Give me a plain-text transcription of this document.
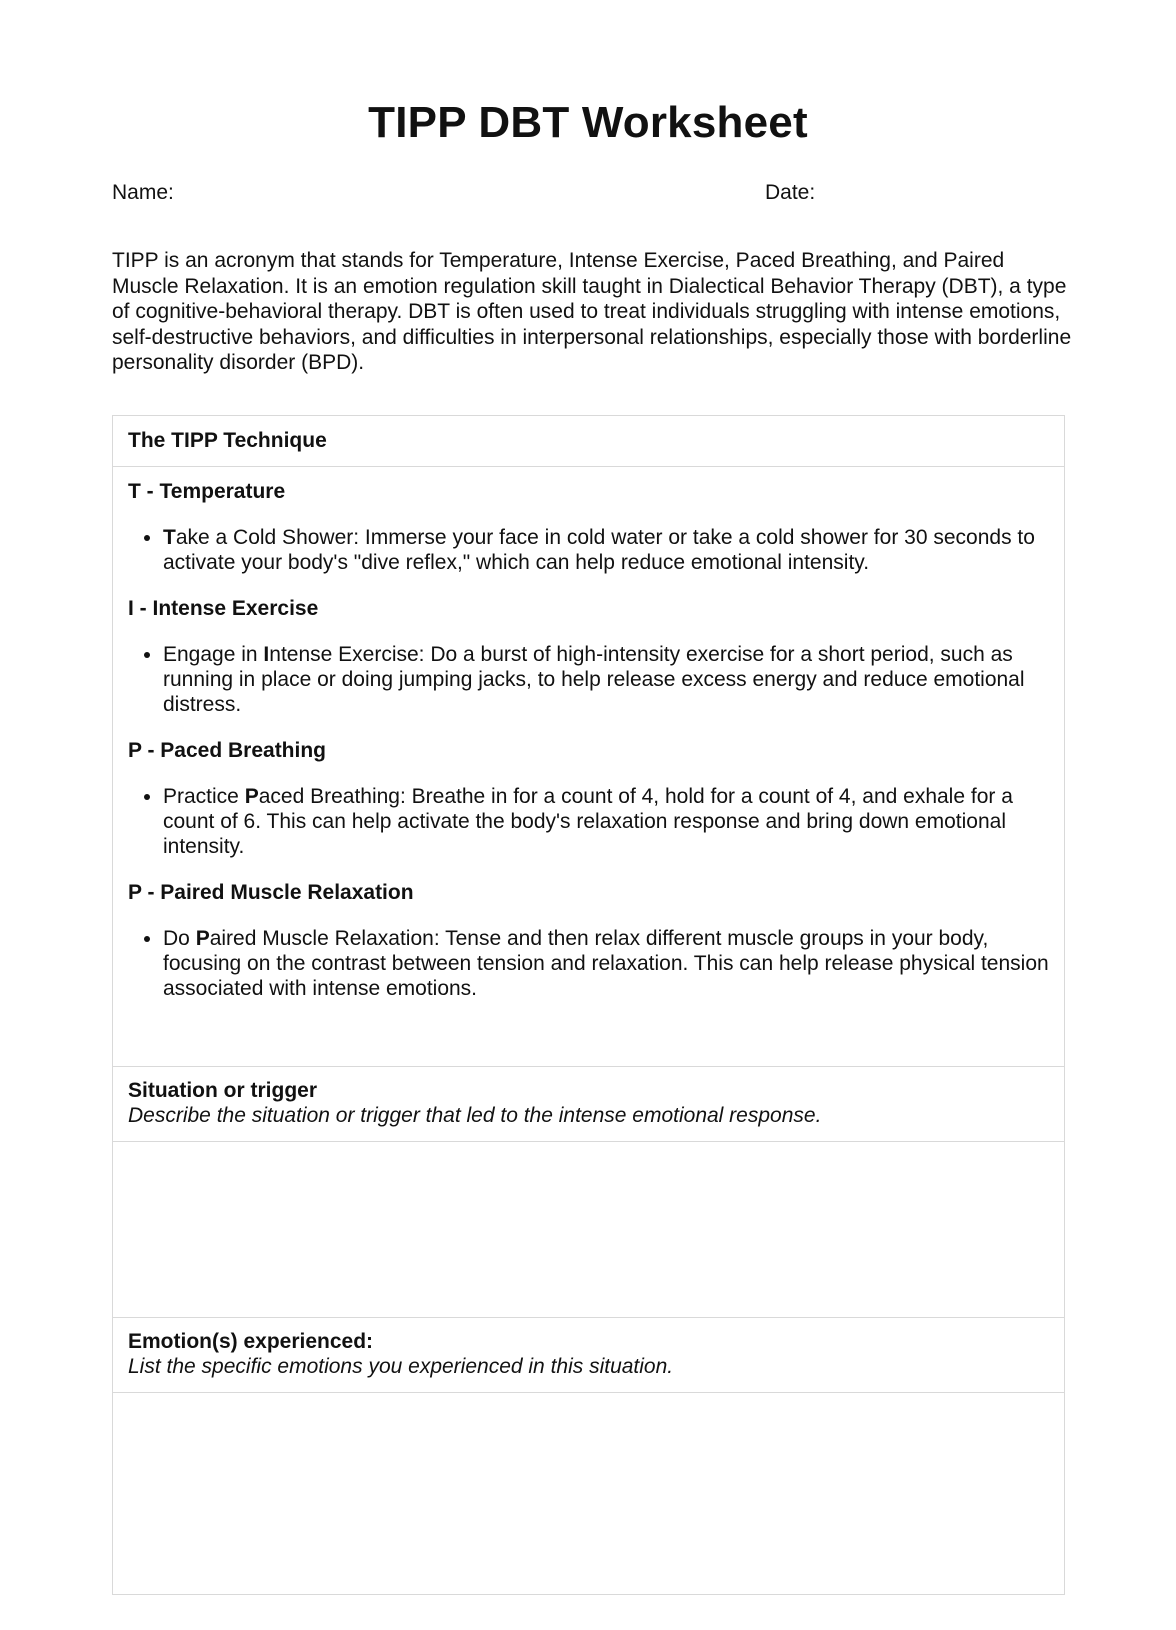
TIPP DBT Worksheet
Name:	Date:

TIPP is an acronym that stands for Temperature, Intense Exercise, Paced Breathing, and Paired Muscle Relaxation. It is an emotion regulation skill taught in Dialectical Behavior Therapy (DBT), a type of cognitive-behavioral therapy. DBT is often used to treat individuals struggling with intense emotions, self-destructive behaviors, and difficulties in interpersonal relationships, especially those with borderline personality disorder (BPD).

The TIPP Technique
T - Temperature
• Take a Cold Shower: Immerse your face in cold water or take a cold shower for 30 seconds to activate your body's "dive reflex," which can help reduce emotional intensity.
I - Intense Exercise
• Engage in Intense Exercise: Do a burst of high-intensity exercise for a short period, such as running in place or doing jumping jacks, to help release excess energy and reduce emotional distress.
P - Paced Breathing
• Practice Paced Breathing: Breathe in for a count of 4, hold for a count of 4, and exhale for a count of 6. This can help activate the body's relaxation response and bring down emotional intensity.
P - Paired Muscle Relaxation
• Do Paired Muscle Relaxation: Tense and then relax different muscle groups in your body, focusing on the contrast between tension and relaxation. This can help release physical tension associated with intense emotions.
Situation or trigger
Describe the situation or trigger that led to the intense emotional response.
Emotion(s) experienced:
List the specific emotions you experienced in this situation.
